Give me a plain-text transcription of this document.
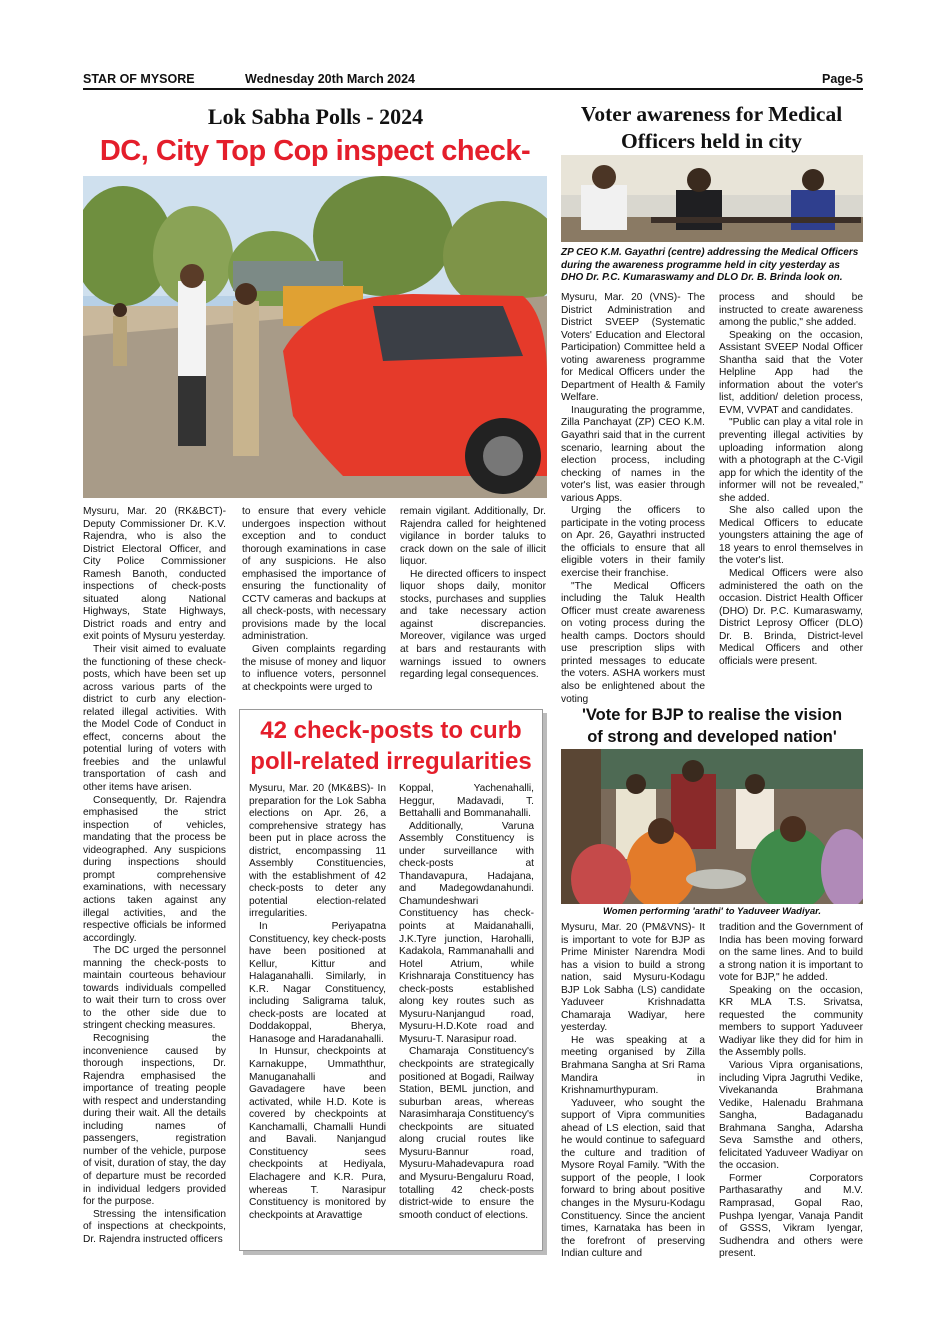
STAR OF MYSORE	Wednesday 20th March 2024	Page-5
Lok Sabha Polls - 2024
DC, City Top Cop inspect check-

Mysuru, Mar. 20 (RK&BCT)- Deputy Commissioner Dr. K.V. Rajendra, who is also the District Electoral Officer, and City Police Commissioner Ramesh Banoth, conducted inspections of check-posts situated along National Highways, State Highways, District roads and entry and exit points of Mysuru yesterday.

Their visit aimed to evaluate the functioning of these check-posts, which have been set up across various parts of the district to curb any election-related illegal activities. With the Model Code of Conduct in effect, concerns about the potential luring of voters with freebies and the unlawful transportation of cash and other items have arisen.

Consequently, Dr. Rajendra emphasised the strict inspection of vehicles, mandating that the process be videographed. Any suspicions during inspections should prompt comprehensive examinations, with necessary actions taken against any illegal activities, and the respective officials be informed accordingly.

The DC urged the personnel manning the check-posts to maintain courteous behaviour towards individuals compelled to wait their turn to cross over to the other side due to stringent checking measures.

Recognising the inconvenience caused by thorough inspections, Dr. Rajendra emphasised the importance of treating people with respect and understanding during their wait. All the details including names of passengers, registration number of the vehicle, purpose of visit, duration of stay, the day of departure must be recorded in individual ledgers provided for the purpose.

Stressing the intensification of inspections at checkpoints, Dr. Rajendra instructed officers

to ensure that every vehicle undergoes inspection without exception and to conduct thorough examinations in case of any suspicions. He also emphasised the importance of ensuring the functionality of CCTV cameras and backups at all check-posts, with necessary provisions made by the local administration.

Given complaints regarding the misuse of money and liquor to influence voters, personnel at checkpoints were urged to

remain vigilant. Additionally, Dr. Rajendra called for heightened vigilance in border taluks to crack down on the sale of illicit liquor.

He directed officers to inspect liquor shops daily, monitor stocks, purchases and supplies and take necessary action against discrepancies. Moreover, vigilance was urged at bars and restaurants with warnings issued to owners regarding legal consequences.

42 check-posts to curb
poll-related irregularities

Mysuru, Mar. 20 (MK&BS)- In preparation for the Lok Sabha elections on Apr. 26, a comprehensive strategy has been put in place across the district, encompassing 11 Assembly Constituencies, with the establishment of 42 check-posts to deter any potential election-related irregularities.

In Periyapatna Constituency, key check-posts have been positioned at Kellur, Kittur and Halaganahalli. Similarly, in K.R. Nagar Constituency, including Saligrama taluk, check-posts are located at Doddakoppal, Bherya, Hanasoge and Haradanahalli.

In Hunsur, checkpoints at Karnakuppe, Ummaththur, Manuganahalli and Gavadagere have been activated, while H.D. Kote is covered by checkpoints at Kanchamalli, Chamalli Hundi and Bavali. Nanjangud Constituency sees checkpoints at Hediyala, Elachagere and K.R. Pura, whereas T. Narasipur Constituency is monitored by checkpoints at Aravattige

Koppal, Yachenahalli, Heggur, Madavadi, T. Bettahalli and Bommanahalli.

Additionally, Varuna Assembly Constituency is under surveillance with check-posts at Thandavapura, Hadajana, and Madegowdanahundi. Chamundeshwari Constituency has check-points at Maidanahalli, J.K.Tyre junction, Harohalli, Kadakola, Rammanahalli and Hotel Atrium, while Krishnaraja Constituency has check-posts established along key routes such as Mysuru-Nanjangud road, Mysuru-H.D.Kote road and Mysuru-T. Narasipur road.

Chamaraja Constituency's checkpoints are strategically positioned at Bogadi, Railway Station, BEML junction, and suburban areas, whereas Narasimharaja Constituency's checkpoints are situated along crucial routes like Mysuru-Bannur road, Mysuru-Mahadevapura road and Mysuru-Bengaluru Road, totalling 42 check-posts district-wide to ensure the smooth conduct of elections.

Voter awareness for Medical
Officers held in city
ZP CEO K.M. Gayathri (centre) addressing the Medical Officers during the awareness programme held in city yesterday as DHO Dr. P.C. Kumaraswamy and DLO Dr. B. Brinda look on.

Mysuru, Mar. 20 (VNS)- The District Administration and District SVEEP (Systematic Voters' Education and Electoral Participation) Committee held a voting awareness programme for Medical Officers under the Department of Health & Family Welfare.

Inaugurating the programme, Zilla Panchayat (ZP) CEO K.M. Gayathri said that in the current scenario, learning about the election process, including checking of names in the voter's list, was easier through various Apps.

Urging the officers to participate in the voting process on Apr. 26, Gayathri instructed the officials to ensure that all eligible voters in their family exercise their franchise.

"The Medical Officers including the Taluk Health Officer must create awareness on voting process during the health camps. Doctors should use prescription slips with printed messages to educate the voters. ASHA workers must also be enlightened about the voting

process and should be instructed to create awareness among the public," she added.

Speaking on the occasion, Assistant SVEEP Nodal Officer Shantha said that the Voter Helpline App had the information about the voter's list, addition/ deletion process, EVM, VVPAT and candidates.

"Public can play a vital role in preventing illegal activities by uploading information along with a photograph at the C-Vigil app for which the identity of the informer will not be revealed," she added.

She also called upon the Medical Officers to educate youngsters attaining the age of 18 years to enrol themselves in the voter's list.

Medical Officers were also administered the oath on the occasion. District Health Officer (DHO) Dr. P.C. Kumaraswamy, District Leprosy Officer (DLO) Dr. B. Brinda, District-level Medical Officers and other officials were present.

'Vote for BJP to realise the vision
of strong and developed nation'
Women performing 'arathi' to Yaduveer Wadiyar.

Mysuru, Mar. 20 (PM&VNS)- It is important to vote for BJP as Prime Minister Narendra Modi has a vision to build a strong nation, said Mysuru-Kodagu BJP Lok Sabha (LS) candidate Yaduveer Krishnadatta Chamaraja Wadiyar, here yesterday.

He was speaking at a meeting organised by Zilla Brahmana Sangha at Sri Rama Mandira in Krishnamurthypuram.

Yaduveer, who sought the support of Vipra communities ahead of LS election, said that he would continue to safeguard the culture and tradition of Mysore Royal Family. "With the support of the people, I look forward to bring about positive changes in the Mysuru-Kodagu Constituency. Since the ancient times, Karnataka has been in the forefront of preserving Indian culture and

tradition and the Government of India has been moving forward on the same lines. And to build a strong nation it is important to vote for BJP," he added.

Speaking on the occasion, KR MLA T.S. Srivatsa, requested the community members to support Yaduveer Wadiyar like they did for him in the Assembly polls.

Various Vipra organisations, including Vipra Jagruthi Vedike, Vivekananda Brahmana Vedike, Halenadu Brahmana Sangha, Badaganadu Brahmana Sangha, Adarsha Seva Samsthe and others, felicitated Yaduveer Wadiyar on the occasion.

Former Corporators Parthasarathy and M.V. Ramprasad, Gopal Rao, Pushpa Iyengar, Vanaja Pandit of GSSS, Vikram Iyengar, Sudhendra and others were present.
